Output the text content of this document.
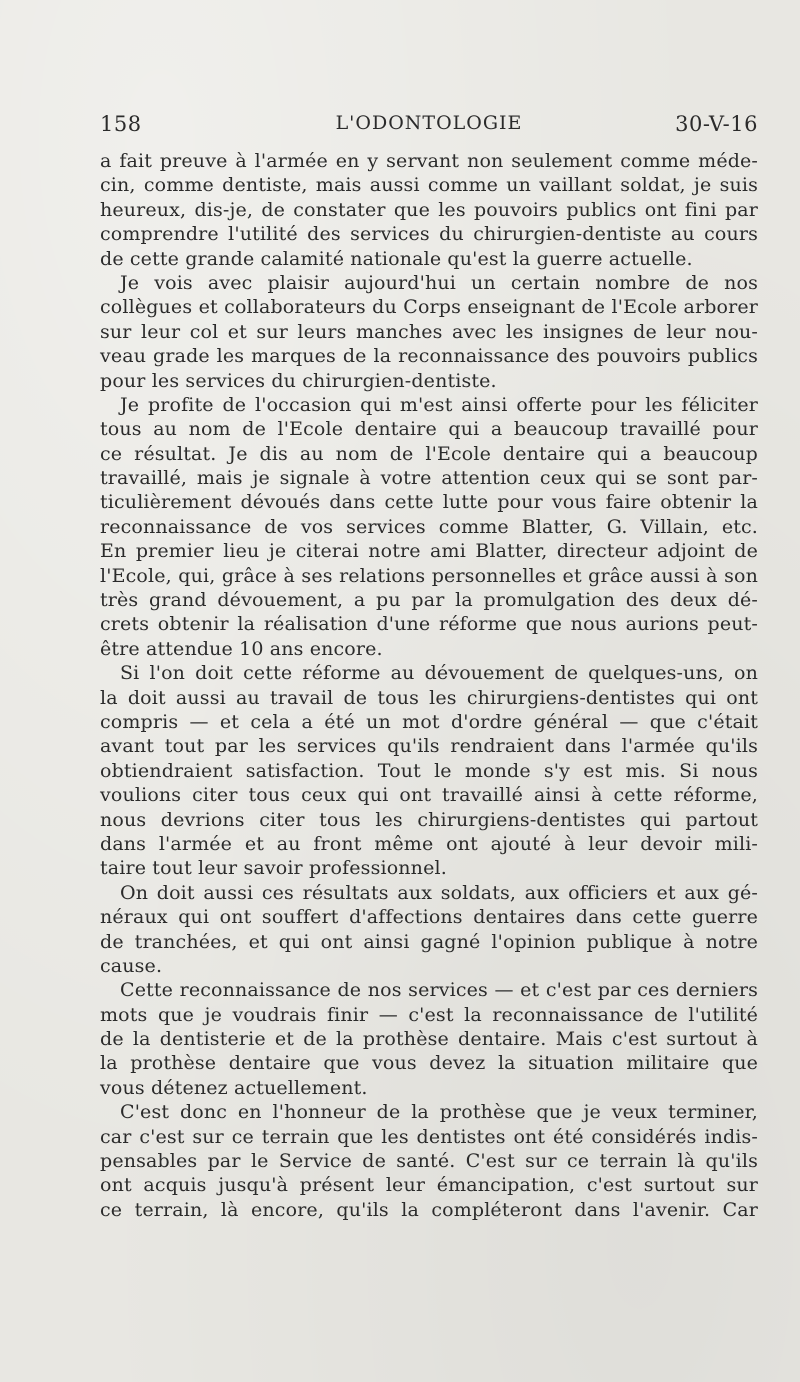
158	L'ODONTOLOGIE	30-V-16
a fait preuve à l'armée en y servant non seulement comme méde-
cin, comme dentiste, mais aussi comme un vaillant soldat, je suis
heureux, dis-je, de constater que les pouvoirs publics ont fini par
comprendre l'utilité des services du chirurgien-dentiste au cours
de cette grande calamité nationale qu'est la guerre actuelle.
Je vois avec plaisir aujourd'hui un certain nombre de nos
collègues et collaborateurs du Corps enseignant de l'Ecole arborer
sur leur col et sur leurs manches avec les insignes de leur nou-
veau grade les marques de la reconnaissance des pouvoirs publics
pour les services du chirurgien-dentiste.
Je profite de l'occasion qui m'est ainsi offerte pour les féliciter
tous au nom de l'Ecole dentaire qui a beaucoup travaillé pour
ce résultat. Je dis au nom de l'Ecole dentaire qui a beaucoup
travaillé, mais je signale à votre attention ceux qui se sont par-
ticulièrement dévoués dans cette lutte pour vous faire obtenir la
reconnaissance de vos services comme Blatter, G. Villain, etc.
En premier lieu je citerai notre ami Blatter, directeur adjoint de
l'Ecole, qui, grâce à ses relations personnelles et grâce aussi à son
très grand dévouement, a pu par la promulgation des deux dé-
crets obtenir la réalisation d'une réforme que nous aurions peut-
être attendue 10 ans encore.
Si l'on doit cette réforme au dévouement de quelques-uns, on
la doit aussi au travail de tous les chirurgiens-dentistes qui ont
compris — et cela a été un mot d'ordre général — que c'était
avant tout par les services qu'ils rendraient dans l'armée qu'ils
obtiendraient satisfaction. Tout le monde s'y est mis. Si nous
voulions citer tous ceux qui ont travaillé ainsi à cette réforme,
nous devrions citer tous les chirurgiens-dentistes qui partout
dans l'armée et au front même ont ajouté à leur devoir mili-
taire tout leur savoir professionnel.
On doit aussi ces résultats aux soldats, aux officiers et aux gé-
néraux qui ont souffert d'affections dentaires dans cette guerre
de tranchées, et qui ont ainsi gagné l'opinion publique à notre
cause.
Cette reconnaissance de nos services — et c'est par ces derniers
mots que je voudrais finir — c'est la reconnaissance de l'utilité
de la dentisterie et de la prothèse dentaire. Mais c'est surtout à
la prothèse dentaire que vous devez la situation militaire que
vous détenez actuellement.
C'est donc en l'honneur de la prothèse que je veux terminer,
car c'est sur ce terrain que les dentistes ont été considérés indis-
pensables par le Service de santé. C'est sur ce terrain là qu'ils
ont acquis jusqu'à présent leur émancipation, c'est surtout sur
ce terrain, là encore, qu'ils la compléteront dans l'avenir. Car
